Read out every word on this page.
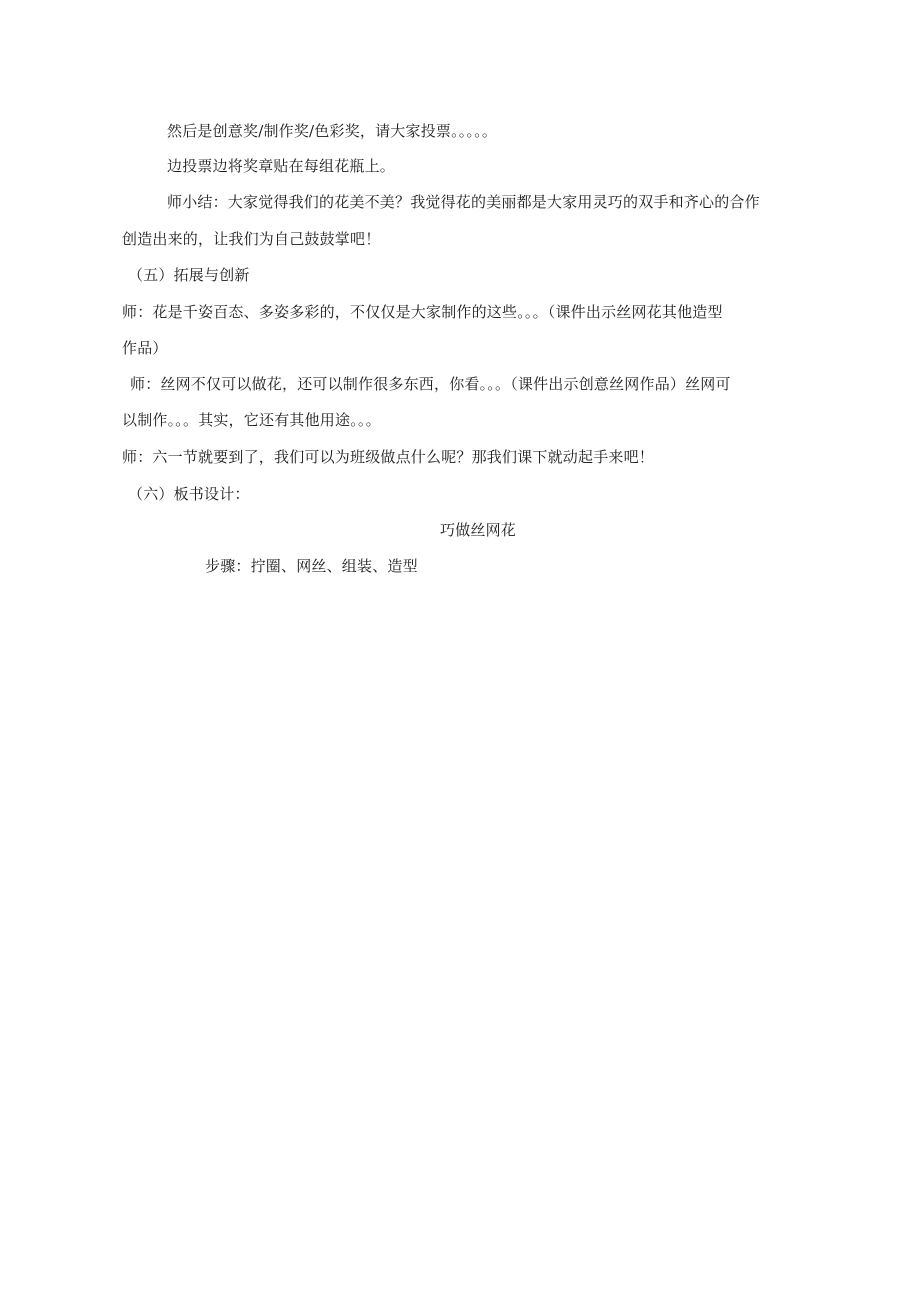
然后是创意奖/制作奖/色彩奖，请大家投票。。。。。
边投票边将奖章贴在每组花瓶上。
师小结：大家觉得我们的花美不美？我觉得花的美丽都是大家用灵巧的双手和齐心的合作
创造出来的，让我们为自己鼓鼓掌吧！
（五）拓展与创新
师：花是千姿百态、多姿多彩的，不仅仅是大家制作的这些。。。（课件出示丝网花其他造型
作品）
师：丝网不仅可以做花，还可以制作很多东西，你看。。。（课件出示创意丝网作品）丝网可
以制作。。。其实，它还有其他用途。。。
师：六一节就要到了，我们可以为班级做点什么呢？那我们课下就动起手来吧！
（六）板书设计：
巧做丝网花
步骤：拧圈、网丝、组装、造型
